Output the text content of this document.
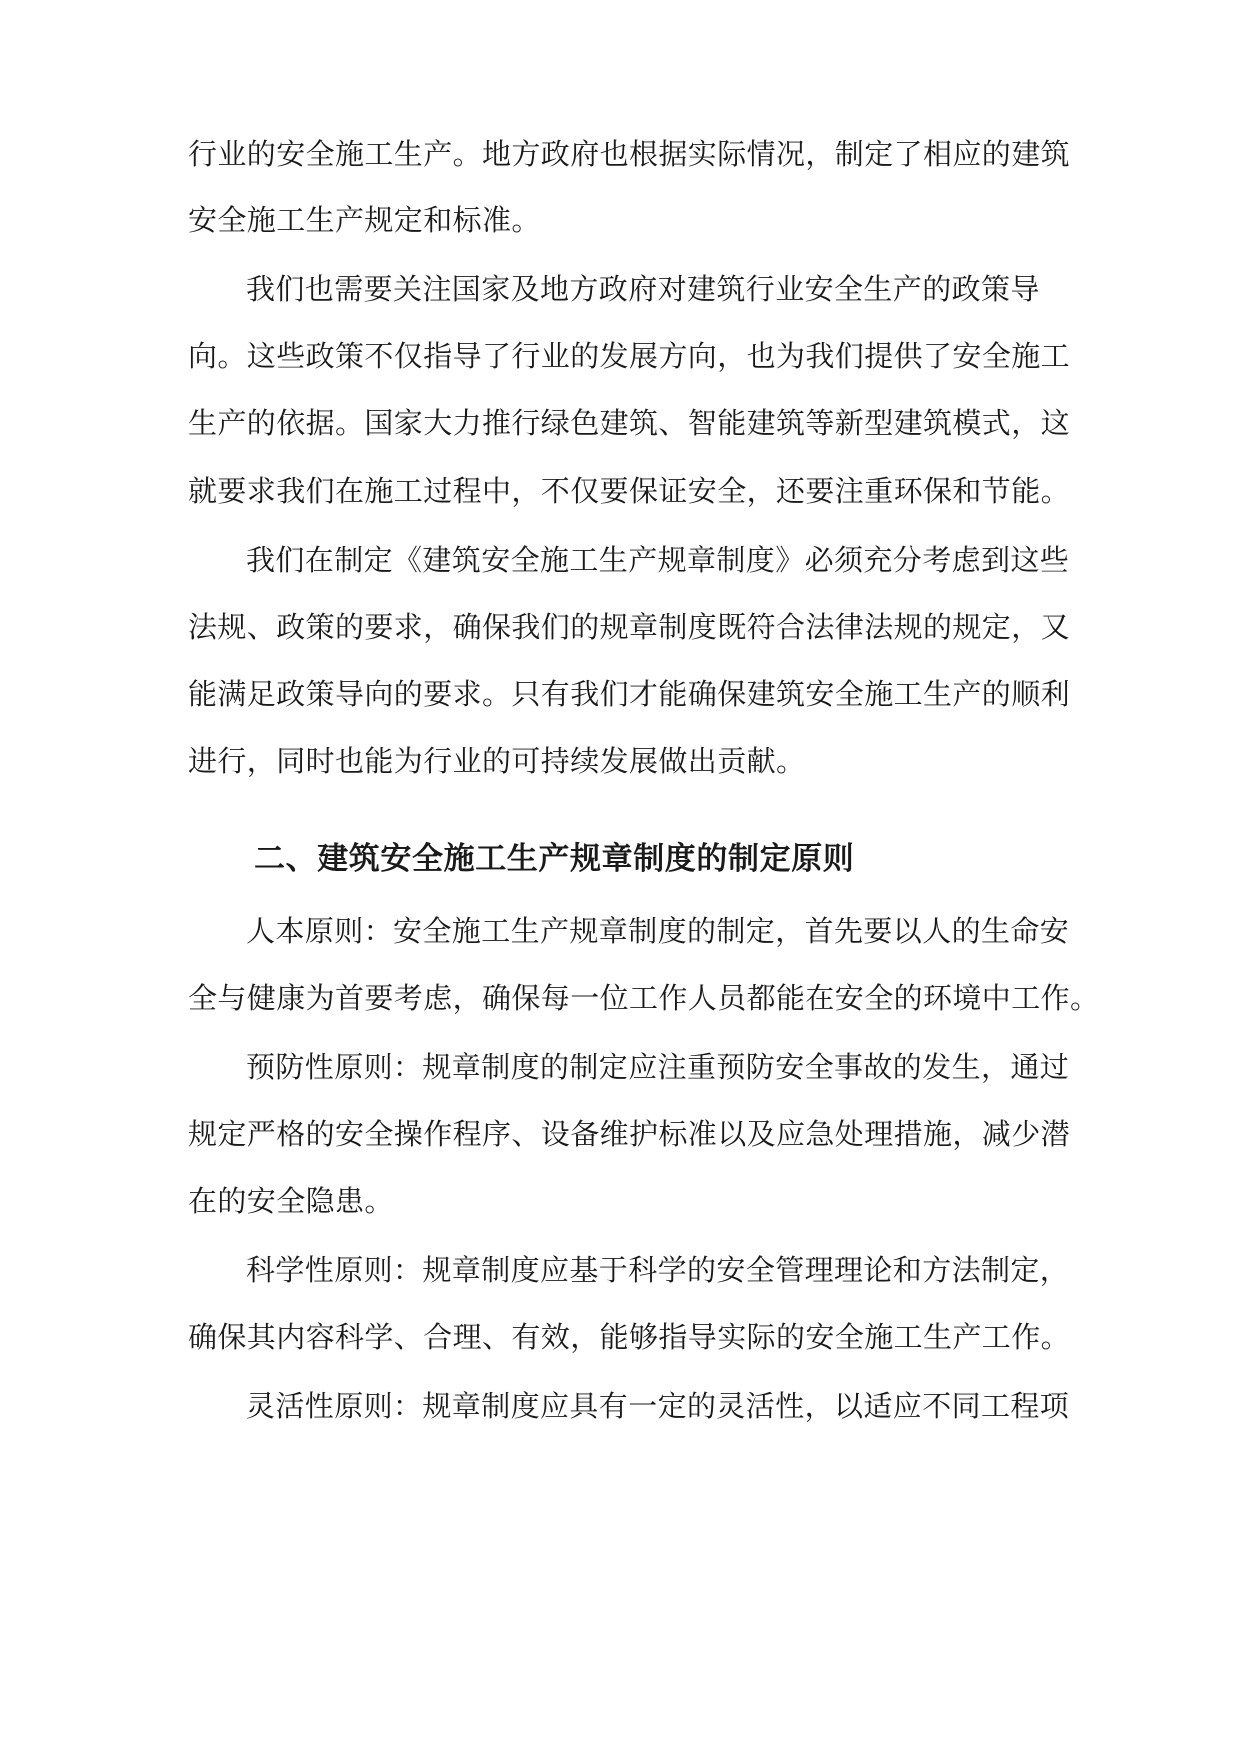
行业的安全施工生产。地方政府也根据实际情况，制定了相应的建筑
安全施工生产规定和标准。
我们也需要关注国家及地方政府对建筑行业安全生产的政策导
向。这些政策不仅指导了行业的发展方向，也为我们提供了安全施工
生产的依据。国家大力推行绿色建筑、智能建筑等新型建筑模式，这
就要求我们在施工过程中，不仅要保证安全，还要注重环保和节能。
我们在制定《建筑安全施工生产规章制度》必须充分考虑到这些
法规、政策的要求，确保我们的规章制度既符合法律法规的规定，又
能满足政策导向的要求。只有我们才能确保建筑安全施工生产的顺利
进行，同时也能为行业的可持续发展做出贡献。
二、建筑安全施工生产规章制度的制定原则
人本原则：安全施工生产规章制度的制定，首先要以人的生命安
全与健康为首要考虑，确保每一位工作人员都能在安全的环境中工作。
预防性原则：规章制度的制定应注重预防安全事故的发生，通过
规定严格的安全操作程序、设备维护标准以及应急处理措施，减少潜
在的安全隐患。
科学性原则：规章制度应基于科学的安全管理理论和方法制定，
确保其内容科学、合理、有效，能够指导实际的安全施工生产工作。
灵活性原则：规章制度应具有一定的灵活性，以适应不同工程项
